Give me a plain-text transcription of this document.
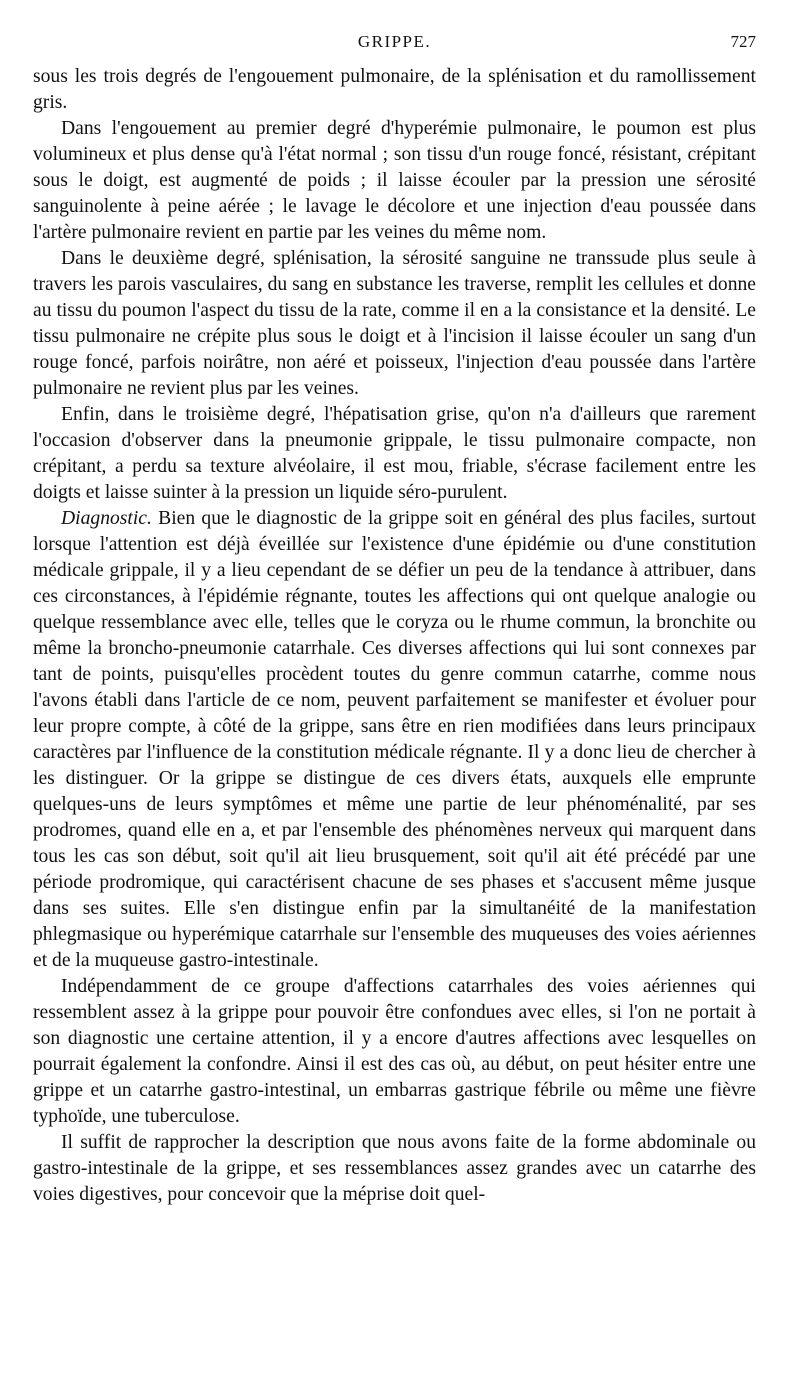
GRIPPE.	727

sous les trois degrés de l'engouement pulmonaire, de la splénisation et du ramollissement gris.

Dans l'engouement au premier degré d'hyperémie pulmonaire, le poumon est plus volumineux et plus dense qu'à l'état normal ; son tissu d'un rouge foncé, résistant, crépitant sous le doigt, est augmenté de poids ; il laisse écouler par la pression une sérosité sanguinolente à peine aérée ; le lavage le décolore et une injection d'eau poussée dans l'artère pulmonaire revient en partie par les veines du même nom.

Dans le deuxième degré, splénisation, la sérosité sanguine ne transsude plus seule à travers les parois vasculaires, du sang en substance les traverse, remplit les cellules et donne au tissu du poumon l'aspect du tissu de la rate, comme il en a la consistance et la densité. Le tissu pulmonaire ne crépite plus sous le doigt et à l'incision il laisse écouler un sang d'un rouge foncé, parfois noirâtre, non aéré et poisseux, l'injection d'eau poussée dans l'artère pulmonaire ne revient plus par les veines.

Enfin, dans le troisième degré, l'hépatisation grise, qu'on n'a d'ailleurs que rarement l'occasion d'observer dans la pneumonie grippale, le tissu pulmonaire compacte, non crépitant, a perdu sa texture alvéolaire, il est mou, friable, s'écrase facilement entre les doigts et laisse suinter à la pression un liquide séro-purulent.

Diagnostic. Bien que le diagnostic de la grippe soit en général des plus faciles, surtout lorsque l'attention est déjà éveillée sur l'existence d'une épidémie ou d'une constitution médicale grippale, il y a lieu cependant de se défier un peu de la tendance à attribuer, dans ces circonstances, à l'épidémie régnante, toutes les affections qui ont quelque analogie ou quelque ressemblance avec elle, telles que le coryza ou le rhume commun, la bronchite ou même la broncho-pneumonie catarrhale. Ces diverses affections qui lui sont connexes par tant de points, puisqu'elles procèdent toutes du genre commun catarrhe, comme nous l'avons établi dans l'article de ce nom, peuvent parfaitement se manifester et évoluer pour leur propre compte, à côté de la grippe, sans être en rien modifiées dans leurs principaux caractères par l'influence de la constitution médicale régnante. Il y a donc lieu de chercher à les distinguer. Or la grippe se distingue de ces divers états, auxquels elle emprunte quelques-uns de leurs symptômes et même une partie de leur phénoménalité, par ses prodromes, quand elle en a, et par l'ensemble des phénomènes nerveux qui marquent dans tous les cas son début, soit qu'il ait lieu brusquement, soit qu'il ait été précédé par une période prodromique, qui caractérisent chacune de ses phases et s'accusent même jusque dans ses suites. Elle s'en distingue enfin par la simultanéité de la manifestation phlegmasique ou hyperémique catarrhale sur l'ensemble des muqueuses des voies aériennes et de la muqueuse gastro-intestinale.

Indépendamment de ce groupe d'affections catarrhales des voies aériennes qui ressemblent assez à la grippe pour pouvoir être confondues avec elles, si l'on ne portait à son diagnostic une certaine attention, il y a encore d'autres affections avec lesquelles on pourrait également la confondre. Ainsi il est des cas où, au début, on peut hésiter entre une grippe et un catarrhe gastro-intestinal, un embarras gastrique fébrile ou même une fièvre typhoïde, une tuberculose.

Il suffit de rapprocher la description que nous avons faite de la forme abdominale ou gastro-intestinale de la grippe, et ses ressemblances assez grandes avec un catarrhe des voies digestives, pour concevoir que la méprise doit quel-
